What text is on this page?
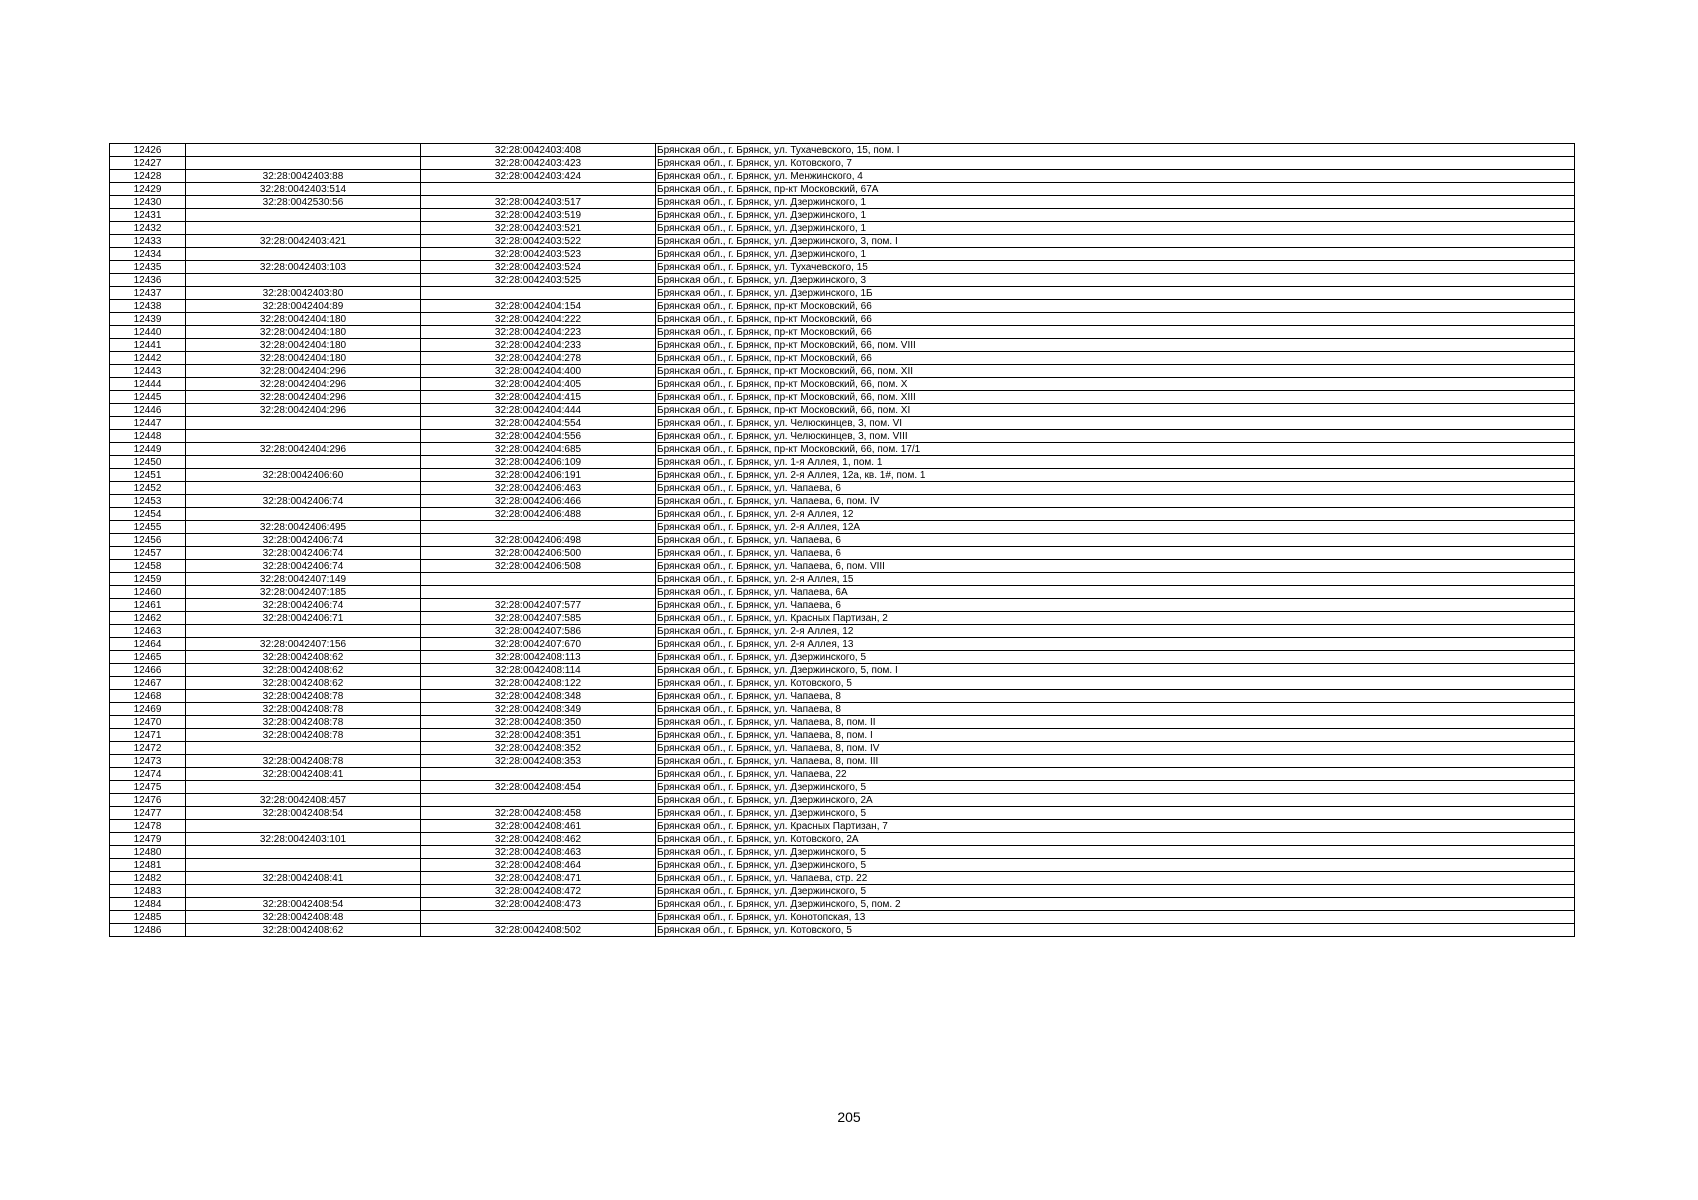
12426		32:28:0042403:408	Брянская обл., г. Брянск, ул. Тухачевского, 15, пом. I
12427		32:28:0042403:423	Брянская обл., г. Брянск, ул. Котовского, 7
12428	32:28:0042403:88	32:28:0042403:424	Брянская обл., г. Брянск, ул. Менжинского, 4
12429	32:28:0042403:514		Брянская обл., г. Брянск, пр-кт Московский, 67А
12430	32:28:0042530:56	32:28:0042403:517	Брянская обл., г. Брянск, ул. Дзержинского, 1
12431		32:28:0042403:519	Брянская обл., г. Брянск, ул. Дзержинского, 1
12432		32:28:0042403:521	Брянская обл., г. Брянск, ул. Дзержинского, 1
12433	32:28:0042403:421	32:28:0042403:522	Брянская обл., г. Брянск, ул. Дзержинского, 3, пом. I
12434		32:28:0042403:523	Брянская обл., г. Брянск, ул. Дзержинского, 1
12435	32:28:0042403:103	32:28:0042403:524	Брянская обл., г. Брянск, ул. Тухачевского, 15
12436		32:28:0042403:525	Брянская обл., г. Брянск, ул. Дзержинского, 3
12437	32:28:0042403:80		Брянская обл., г. Брянск, ул. Дзержинского, 1Б
12438	32:28:0042404:89	32:28:0042404:154	Брянская обл., г. Брянск, пр-кт Московский, 66
12439	32:28:0042404:180	32:28:0042404:222	Брянская обл., г. Брянск, пр-кт Московский, 66
12440	32:28:0042404:180	32:28:0042404:223	Брянская обл., г. Брянск, пр-кт Московский, 66
12441	32:28:0042404:180	32:28:0042404:233	Брянская обл., г. Брянск, пр-кт Московский, 66, пом. VIII
12442	32:28:0042404:180	32:28:0042404:278	Брянская обл., г. Брянск, пр-кт Московский, 66
12443	32:28:0042404:296	32:28:0042404:400	Брянская обл., г. Брянск, пр-кт Московский, 66, пом. XII
12444	32:28:0042404:296	32:28:0042404:405	Брянская обл., г. Брянск, пр-кт Московский, 66, пом. X
12445	32:28:0042404:296	32:28:0042404:415	Брянская обл., г. Брянск, пр-кт Московский, 66, пом. XIII
12446	32:28:0042404:296	32:28:0042404:444	Брянская обл., г. Брянск, пр-кт Московский, 66, пом. XI
12447		32:28:0042404:554	Брянская обл., г. Брянск, ул. Челюскинцев, 3, пом. VI
12448		32:28:0042404:556	Брянская обл., г. Брянск, ул. Челюскинцев, 3, пом. VIII
12449	32:28:0042404:296	32:28:0042404:685	Брянская обл., г. Брянск, пр-кт Московский, 66, пом. 17/1
12450		32:28:0042406:109	Брянская обл., г. Брянск, ул. 1-я Аллея, 1, пом. 1
12451	32:28:0042406:60	32:28:0042406:191	Брянская обл., г. Брянск, ул. 2-я Аллея, 12а, кв. 1#, пом. 1
12452		32:28:0042406:463	Брянская обл., г. Брянск, ул. Чапаева, 6
12453	32:28:0042406:74	32:28:0042406:466	Брянская обл., г. Брянск, ул. Чапаева, 6, пом. IV
12454		32:28:0042406:488	Брянская обл., г. Брянск, ул. 2-я Аллея, 12
12455	32:28:0042406:495		Брянская обл., г. Брянск, ул. 2-я Аллея, 12А
12456	32:28:0042406:74	32:28:0042406:498	Брянская обл., г. Брянск, ул. Чапаева, 6
12457	32:28:0042406:74	32:28:0042406:500	Брянская обл., г. Брянск, ул. Чапаева, 6
12458	32:28:0042406:74	32:28:0042406:508	Брянская обл., г. Брянск, ул. Чапаева, 6, пом. VIII
12459	32:28:0042407:149		Брянская обл., г. Брянск, ул. 2-я Аллея, 15
12460	32:28:0042407:185		Брянская обл., г. Брянск, ул. Чапаева, 6А
12461	32:28:0042406:74	32:28:0042407:577	Брянская обл., г. Брянск, ул. Чапаева, 6
12462	32:28:0042406:71	32:28:0042407:585	Брянская обл., г. Брянск, ул. Красных Партизан, 2
12463		32:28:0042407:586	Брянская обл., г. Брянск, ул. 2-я Аллея, 12
12464	32:28:0042407:156	32:28:0042407:670	Брянская обл., г. Брянск, ул. 2-я Аллея, 13
12465	32:28:0042408:62	32:28:0042408:113	Брянская обл., г. Брянск, ул. Дзержинского, 5
12466	32:28:0042408:62	32:28:0042408:114	Брянская обл., г. Брянск, ул. Дзержинского, 5, пом. I
12467	32:28:0042408:62	32:28:0042408:122	Брянская обл., г. Брянск, ул. Котовского, 5
12468	32:28:0042408:78	32:28:0042408:348	Брянская обл., г. Брянск, ул. Чапаева, 8
12469	32:28:0042408:78	32:28:0042408:349	Брянская обл., г. Брянск, ул. Чапаева, 8
12470	32:28:0042408:78	32:28:0042408:350	Брянская обл., г. Брянск, ул. Чапаева, 8, пом. II
12471	32:28:0042408:78	32:28:0042408:351	Брянская обл., г. Брянск, ул. Чапаева, 8, пом. I
12472		32:28:0042408:352	Брянская обл., г. Брянск, ул. Чапаева, 8, пом. IV
12473	32:28:0042408:78	32:28:0042408:353	Брянская обл., г. Брянск, ул. Чапаева, 8, пом. III
12474	32:28:0042408:41		Брянская обл., г. Брянск, ул. Чапаева, 22
12475		32:28:0042408:454	Брянская обл., г. Брянск, ул. Дзержинского, 5
12476	32:28:0042408:457		Брянская обл., г. Брянск, ул. Дзержинского, 2А
12477	32:28:0042408:54	32:28:0042408:458	Брянская обл., г. Брянск, ул. Дзержинского, 5
12478		32:28:0042408:461	Брянская обл., г. Брянск, ул. Красных Партизан, 7
12479	32:28:0042403:101	32:28:0042408:462	Брянская обл., г. Брянск, ул. Котовского, 2А
12480		32:28:0042408:463	Брянская обл., г. Брянск, ул. Дзержинского, 5
12481		32:28:0042408:464	Брянская обл., г. Брянск, ул. Дзержинского, 5
12482	32:28:0042408:41	32:28:0042408:471	Брянская обл., г. Брянск, ул. Чапаева, стр. 22
12483		32:28:0042408:472	Брянская обл., г. Брянск, ул. Дзержинского, 5
12484	32:28:0042408:54	32:28:0042408:473	Брянская обл., г. Брянск, ул. Дзержинского, 5, пом. 2
12485	32:28:0042408:48		Брянская обл., г. Брянск, ул. Конотопская, 13
12486	32:28:0042408:62	32:28:0042408:502	Брянская обл., г. Брянск, ул. Котовского, 5
205
